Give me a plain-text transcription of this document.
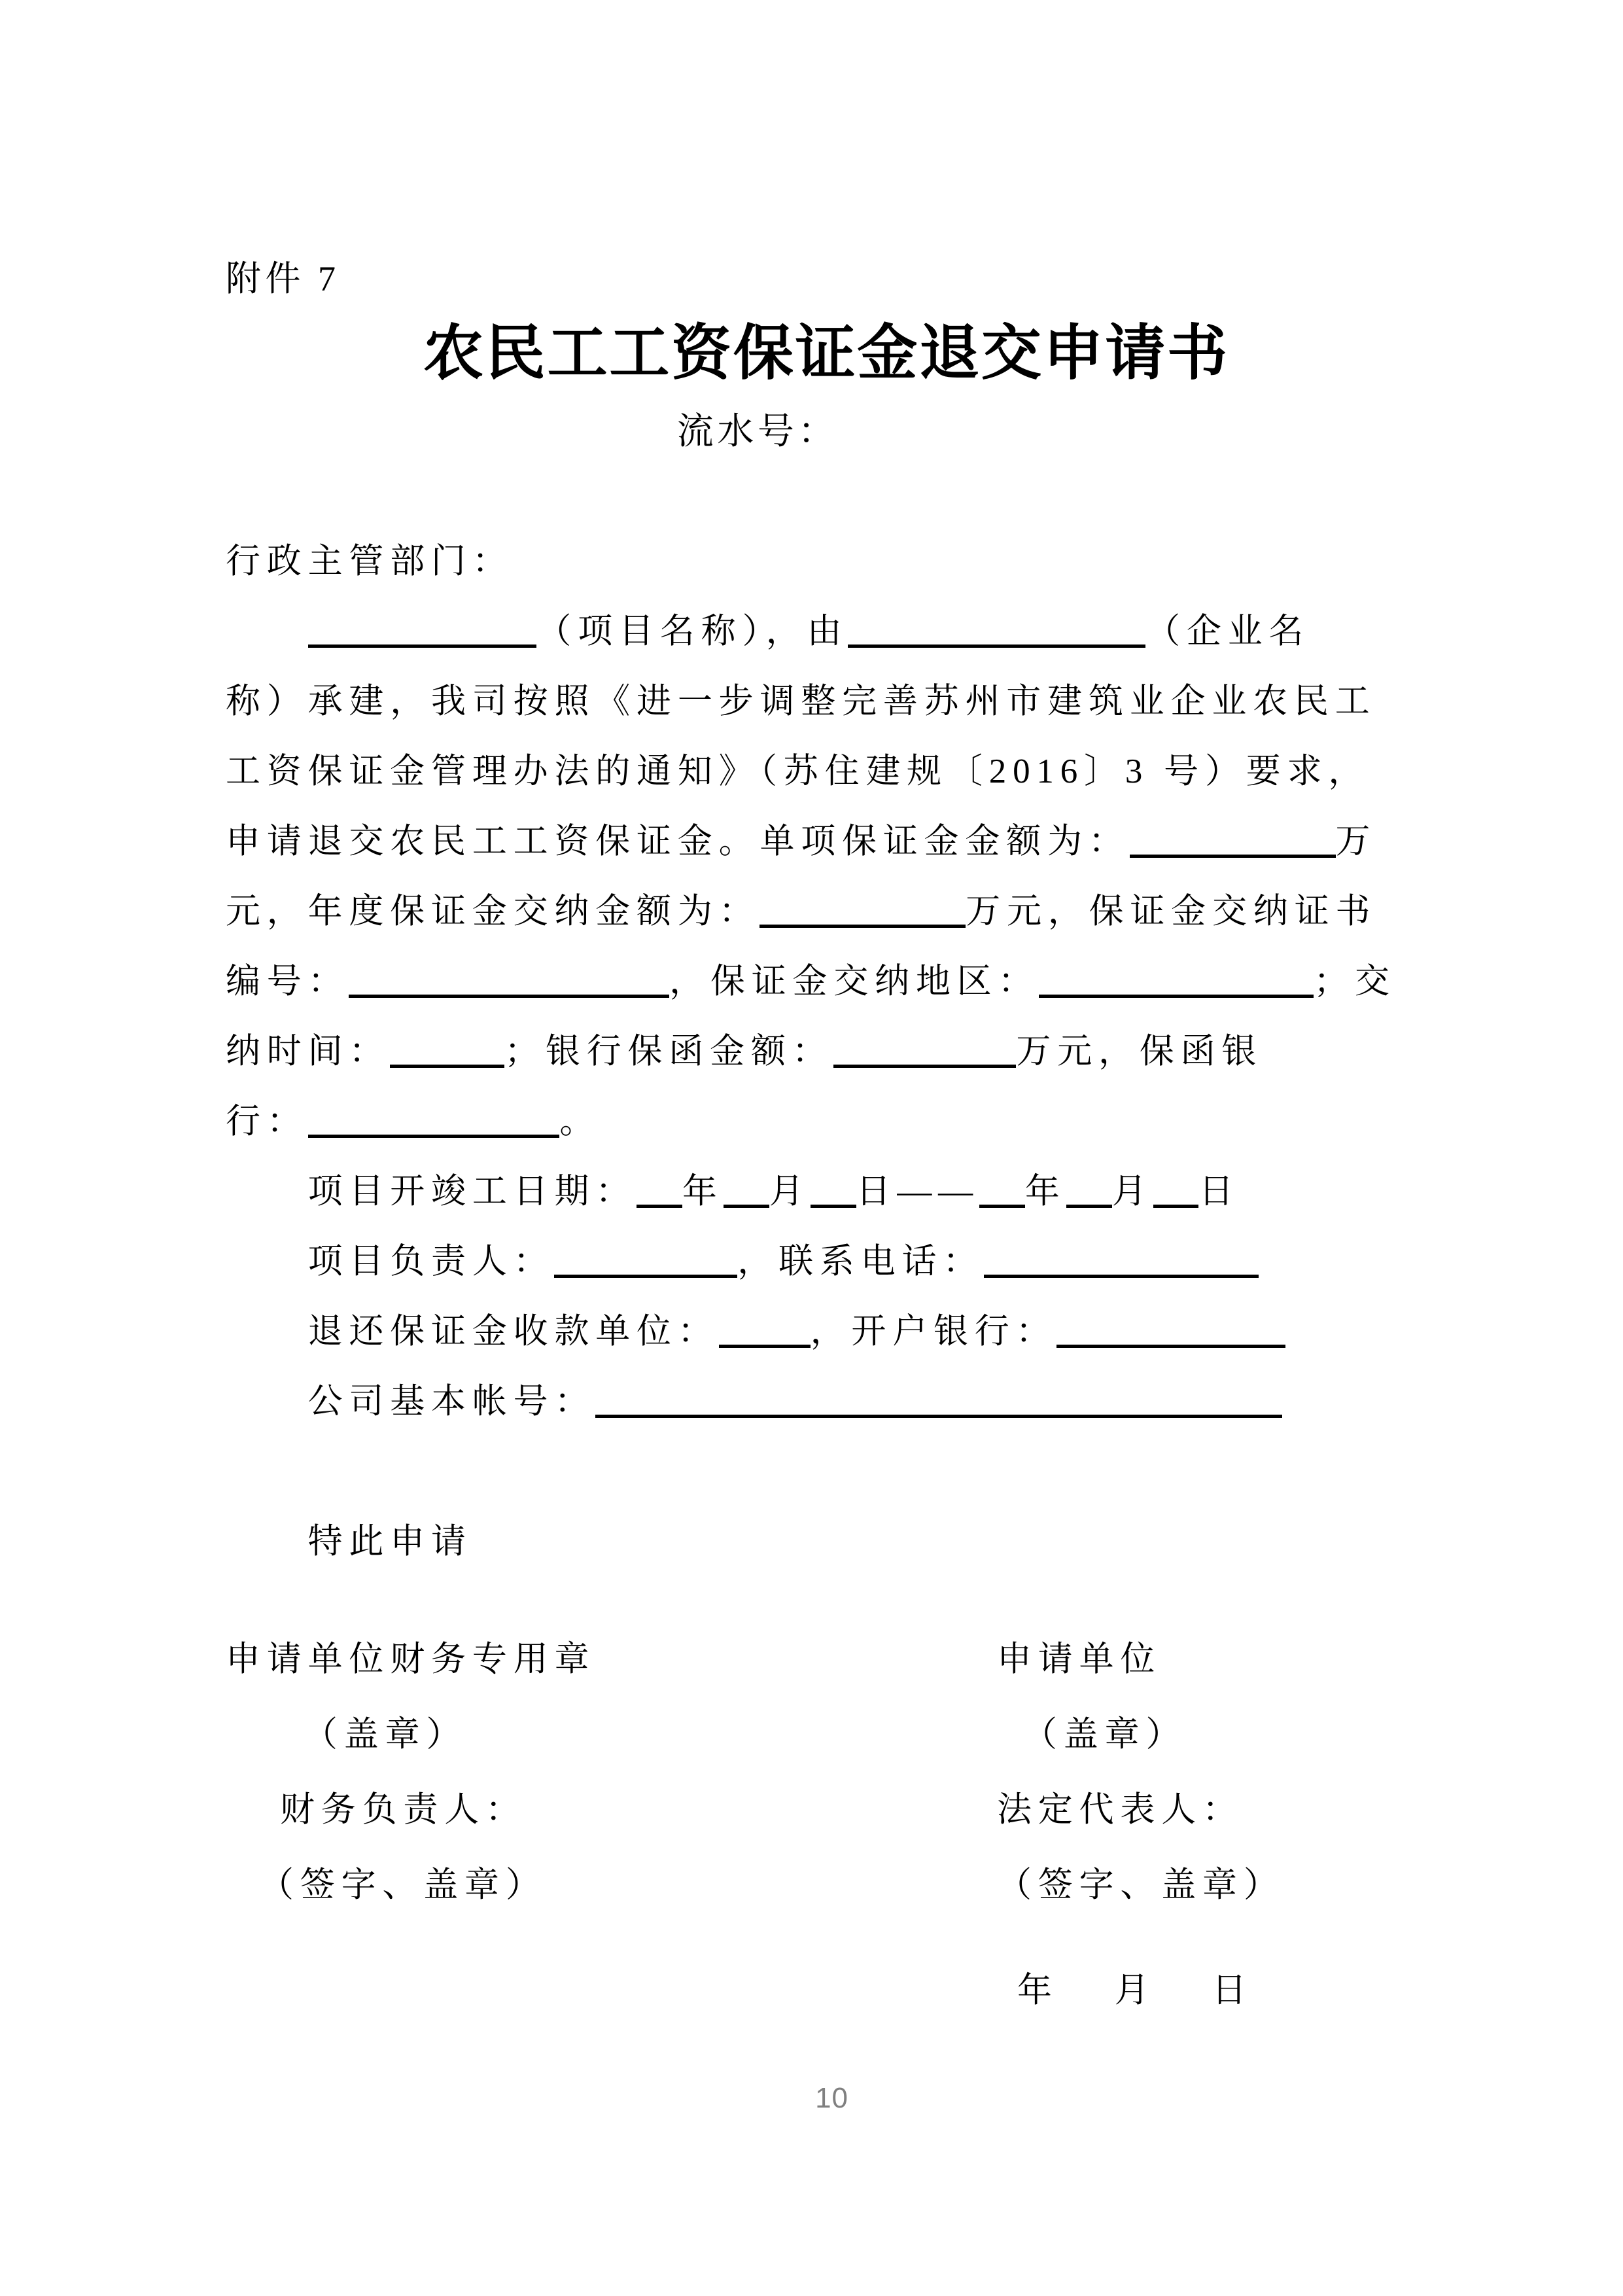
附件 7
农民工工资保证金退交申请书
流水号：
行政主管部门：
　　（项目名称），由	（企业名
称）承建，我司按照《进一步调整完善苏州市建筑业企业农民工
工资保证金管理办法的通知》（苏住建规〔2016〕3 号）要求，
申请退交农民工工资保证金。单项保证金金额为：	万
元，年度保证金交纳金额为：	万元，保证金交纳证书
编号：	，保证金交纳地区：	；交
纳时间：	；银行保函金额：	万元，保函银
行：	。
　　项目开竣工日期： 年 月 日—— 年 月 日
　　项目负责人：	，联系电话：
　　退还保证金收款单位：	，开户银行：
　　公司基本帐号：

　　特此申请
申请单位财务专用章
（盖章）
财务负责人：
（签字、盖章）
申请单位
（盖章）
法定代表人：
（签字、盖章）
年　 月　 日
10
